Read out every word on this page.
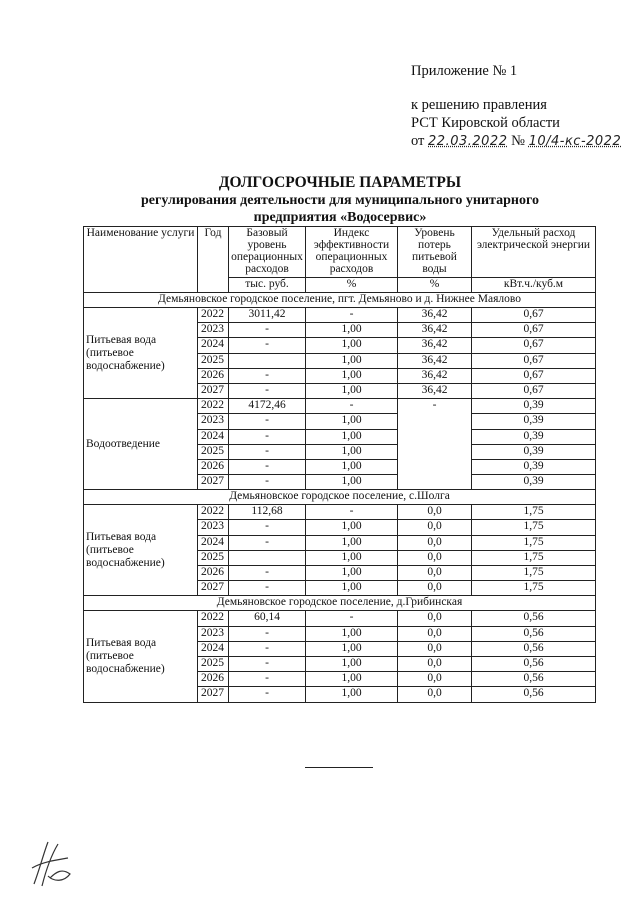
Приложение № 1
к решению правления
РСТ Кировской области
от 22.03.2022 № 10/4-кс-2022
ДОЛГОСРОЧНЫЕ ПАРАМЕТРЫ
регулирования деятельности для муниципального унитарного
предприятия «Водосервис»
Наименование услуги	Год	Базовый уровень операционных расходов	Индекс эффективности операционных расходов	Уровень потерь питьевой воды	Удельный расход электрической энергии
		тыс. руб.	%	%	кВт.ч./куб.м
Демьяновское городское поселение, пгт. Демьяново и д. Нижнее Маялово					
Питьевая вода (питьевое водоснабжение)	2022	3011,42	-	36,42	0,67
	2023	-	1,00	36,42	0,67
	2024	-	1,00	36,42	0,67
	2025		1,00	36,42	0,67
	2026	-	1,00	36,42	0,67
	2027	-	1,00	36,42	0,67
Водоотведение	2022	4172,46	-	-	0,39
	2023	-	1,00		0,39
	2024	-	1,00		0,39
	2025	-	1,00		0,39
	2026	-	1,00		0,39
	2027	-	1,00		0,39
Демьяновское городское поселение, с.Шолга					
Питьевая вода (питьевое водоснабжение)	2022	112,68	-	0,0	1,75
	2023	-	1,00	0,0	1,75
	2024	-	1,00	0,0	1,75
	2025		1,00	0,0	1,75
	2026	-	1,00	0,0	1,75
	2027	-	1,00	0,0	1,75
Демьяновское городское поселение, д.Грибинская					
Питьевая вода (питьевое водоснабжение)	2022	60,14	-	0,0	0,56
	2023	-	1,00	0,0	0,56
	2024	-	1,00	0,0	0,56
	2025	-	1,00	0,0	0,56
	2026	-	1,00	0,0	0,56
	2027	-	1,00	0,0	0,56
